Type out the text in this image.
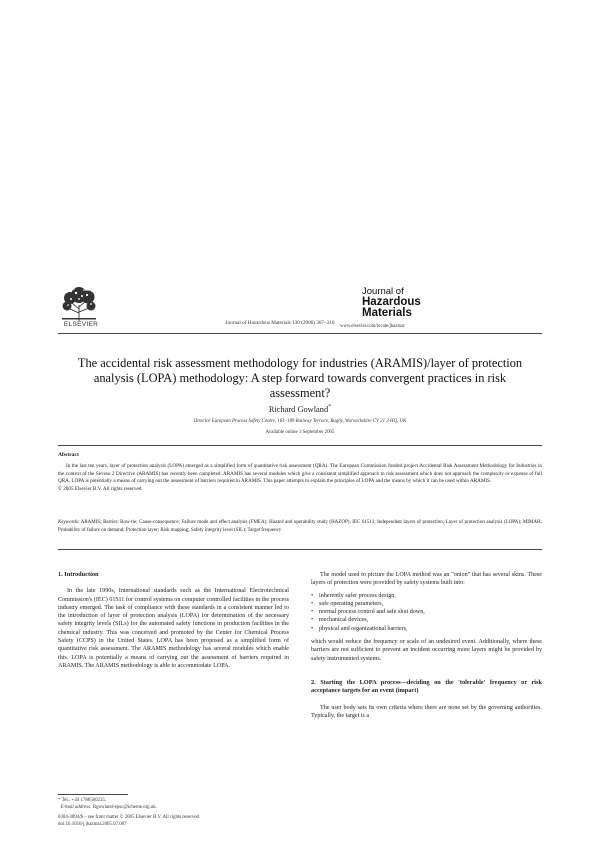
ELSEVIER	Journal of Hazardous Materials 130 (2006) 307–310
Journal of
Hazardous
Materials
www.elsevier.com/locate/jhazmat
The accidental risk assessment methodology for industries (ARAMIS)/layer of protection analysis (LOPA) methodology: A step forward towards convergent practices in risk assessment?
Richard Gowland*
Director European Process Safety Centre, 161–189 Railway Terrace, Rugby, Warwickshire CV 21 3 HQ, UK
Available online 1 September 2005
Abstract
In the last ten years, layer of protection analysis (LOPA) emerged as a simplified form of quantitative risk assessment (QRA). The European Commission funded project Accidental Risk Assessment Methodology for Industries in the context of the Seveso 2 Directive (ARAMIS) has recently been completed. ARAMIS has several modules which give a consistent simplified approach to risk assessment which does not approach the complexity or expense of full QRA. LOPA is potentially a means of carrying out the assessment of barriers required in ARAMIS. This paper attempts to explain the principles of LOPA and the means by which it can be used within ARAMIS.
© 2005 Elsevier B.V. All rights reserved.
Keywords: ARAMIS; Barrier; Bow-tie; Cause-consequence; Failure mode and effect analysis (FMEA); Hazard and operability study (HAZOP); IEC 61511; Independent layers of protection; Layer of protection analysis (LOPA); MIMAH; Probability of failure on demand; Protection layer; Risk mapping; Safety integrity level (SIL); Target frequency
1. Introduction
In the late 1990s, International standards such as the International Electrotechnical Commission's (IEC) 61511 for control systems on computer controlled facilities in the process industry emerged. The task of compliance with these standards in a consistent manner led to the introduction of layer of protection analysis (LOPA) for determination of the necessary safety integrity levels (SILs) for the automated safety functions in production facilities in the chemical industry. This was conceived and promoted by the Center for Chemical Process Safety (CCPS) in the United States. LOPA has been proposed as a simplified form of quantitative risk assessment. The ARAMIS methodology has several modules which enable this. LOPA is potentially a means of carrying out the assessment of barriers required in ARAMIS. The ARAMIS methodology is able to accommodate LOPA.
The model used to picture the LOPA method was an "onion" that has several skins. These layers of protection were provided by safety systems built into:
• inherently safer process design,
• safe operating parameters,
• normal process control and safe shut down,
• mechanical devices,
• physical and organizational barriers,
which would reduce the frequency or scale of an undesired event. Additionally, where these barriers are not sufficient to prevent an incident occurring more layers might be provided by safety instrumented systems.
2. Starting the LOPA process—deciding on the 'tolerable' frequency or risk acceptance targets for an event (impact)
The user body sets its own criteria where there are none set by the governing authorities. Typically, the target is a
* Tel.: +44 1788560235.
E-mail address: Rgowland-epsc@icheme.org.uk.
0304-3894/$ – see front matter © 2005 Elsevier B.V. All rights reserved.
doi:10.1016/j.jhazmat.2005.07.007
